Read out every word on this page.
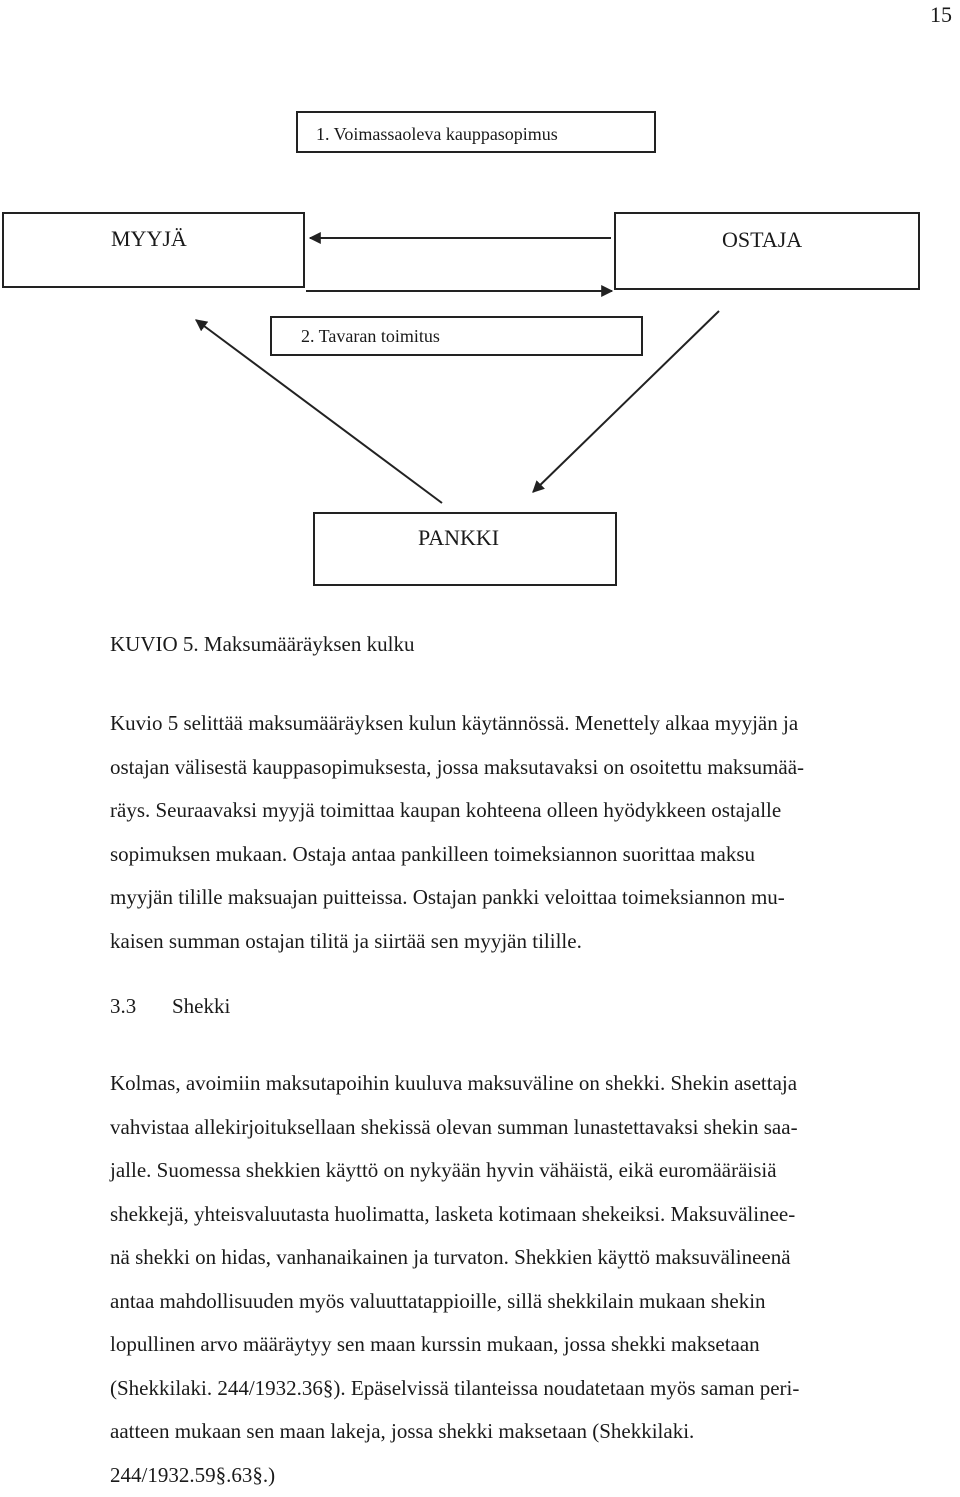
15
1. Voimassaoleva kauppasopimus
MYYJÄ	OSTAJA
2. Tavaran toimitus
PANKKI
KUVIO 5. Maksumääräyksen kulku
Kuvio 5 selittää maksumääräyksen kulun käytännössä. Menettely alkaa myyjän ja
ostajan välisestä kauppasopimuksesta, jossa maksutavaksi on osoitettu maksumää-
räys. Seuraavaksi myyjä toimittaa kaupan kohteena olleen hyödykkeen ostajalle
sopimuksen mukaan. Ostaja antaa pankilleen toimeksiannon suorittaa maksu
myyjän tilille maksuajan puitteissa. Ostajan pankki veloittaa toimeksiannon mu-
kaisen summan ostajan tilitä ja siirtää sen myyjän tilille.
3.3 Shekki
Kolmas, avoimiin maksutapoihin kuuluva maksuväline on shekki. Shekin asettaja
vahvistaa allekirjoituksellaan shekissä olevan summan lunastettavaksi shekin saa-
jalle. Suomessa shekkien käyttö on nykyään hyvin vähäistä, eikä euromääräisiä
shekkejä, yhteisvaluutasta huolimatta, lasketa kotimaan shekeiksi. Maksuvälinee-
nä shekki on hidas, vanhanaikainen ja turvaton. Shekkien käyttö maksuvälineenä
antaa mahdollisuuden myös valuuttatappioille, sillä shekkilain mukaan shekin
lopullinen arvo määräytyy sen maan kurssin mukaan, jossa shekki maksetaan
(Shekkilaki. 244/1932.36§). Epäselvissä tilanteissa noudatetaan myös saman peri-
aatteen mukaan sen maan lakeja, jossa shekki maksetaan (Shekkilaki.
244/1932.59§.63§.)
